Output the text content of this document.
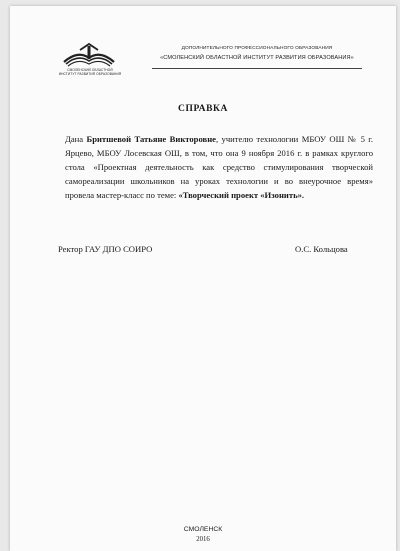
СМОЛЕНСКИЙ ОБЛАСТНОЙ
ИНСТИТУТ РАЗВИТИЯ ОБРАЗОВАНИЯ
ДОПОЛНИТЕЛЬНОГО ПРОФЕССИОНАЛЬНОГО ОБРАЗОВАНИЯ
«СМОЛЕНСКИЙ ОБЛАСТНОЙ ИНСТИТУТ РАЗВИТИЯ ОБРАЗОВАНИЯ»
СПРАВКА
Дана Бритшевой Татьяне Викторовне, учителю технологии МБОУ ОШ № 5 г. Ярцево, МБОУ Лосевская ОШ, в том, что она 9 ноября 2016 г. в рамках круглого стола «Проектная деятельность как средство стимулирования творческой самореализации школьников на уроках технологии и во внеурочное время» провела мастер-класс по теме: «Творческий проект «Изонить».
Ректор ГАУ ДПО СОИРО	О.С. Кольцова
СМОЛЕНСК
2016
